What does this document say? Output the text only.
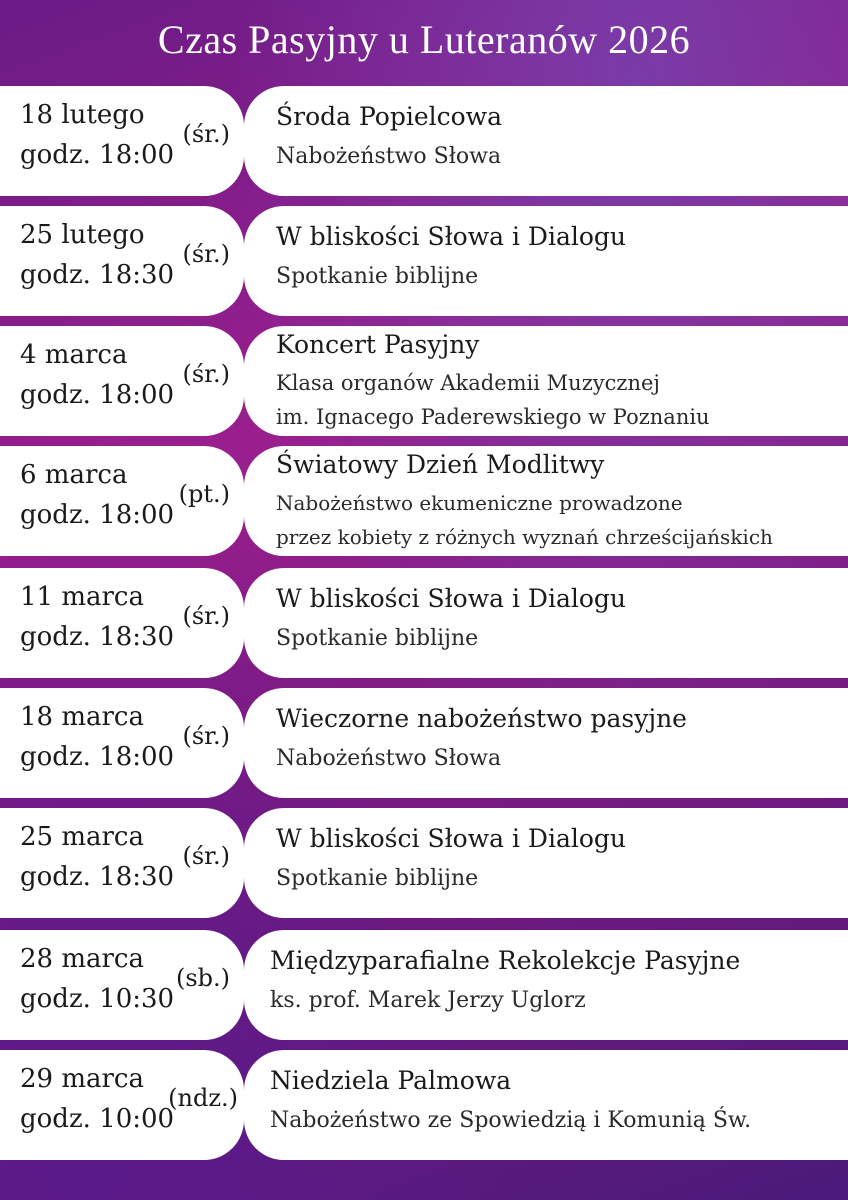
Czas Pasyjny u Luteranów 2026
18 lutego
godz. 18:00
(śr.)
Środa Popielcowa
Nabożeństwo Słowa
25 lutego
godz. 18:30
(śr.)
W bliskości Słowa i Dialogu
Spotkanie biblijne
4 marca
godz. 18:00
(śr.)
Koncert Pasyjny
Klasa organów Akademii Muzycznej
im. Ignacego Paderewskiego w Poznaniu
6 marca
godz. 18:00
(pt.)
Światowy Dzień Modlitwy
Nabożeństwo ekumeniczne prowadzone
przez kobiety z różnych wyznań chrześcijańskich
11 marca
godz. 18:30
(śr.)
W bliskości Słowa i Dialogu
Spotkanie biblijne
18 marca
godz. 18:00
(śr.)
Wieczorne nabożeństwo pasyjne
Nabożeństwo Słowa
25 marca
godz. 18:30
(śr.)
W bliskości Słowa i Dialogu
Spotkanie biblijne
28 marca
godz. 10:30
(sb.)
Międzyparafialne Rekolekcje Pasyjne
ks. prof. Marek Jerzy Uglorz
29 marca
godz. 10:00
(ndz.)
Niedziela Palmowa
Nabożeństwo ze Spowiedzią i Komunią Św.
